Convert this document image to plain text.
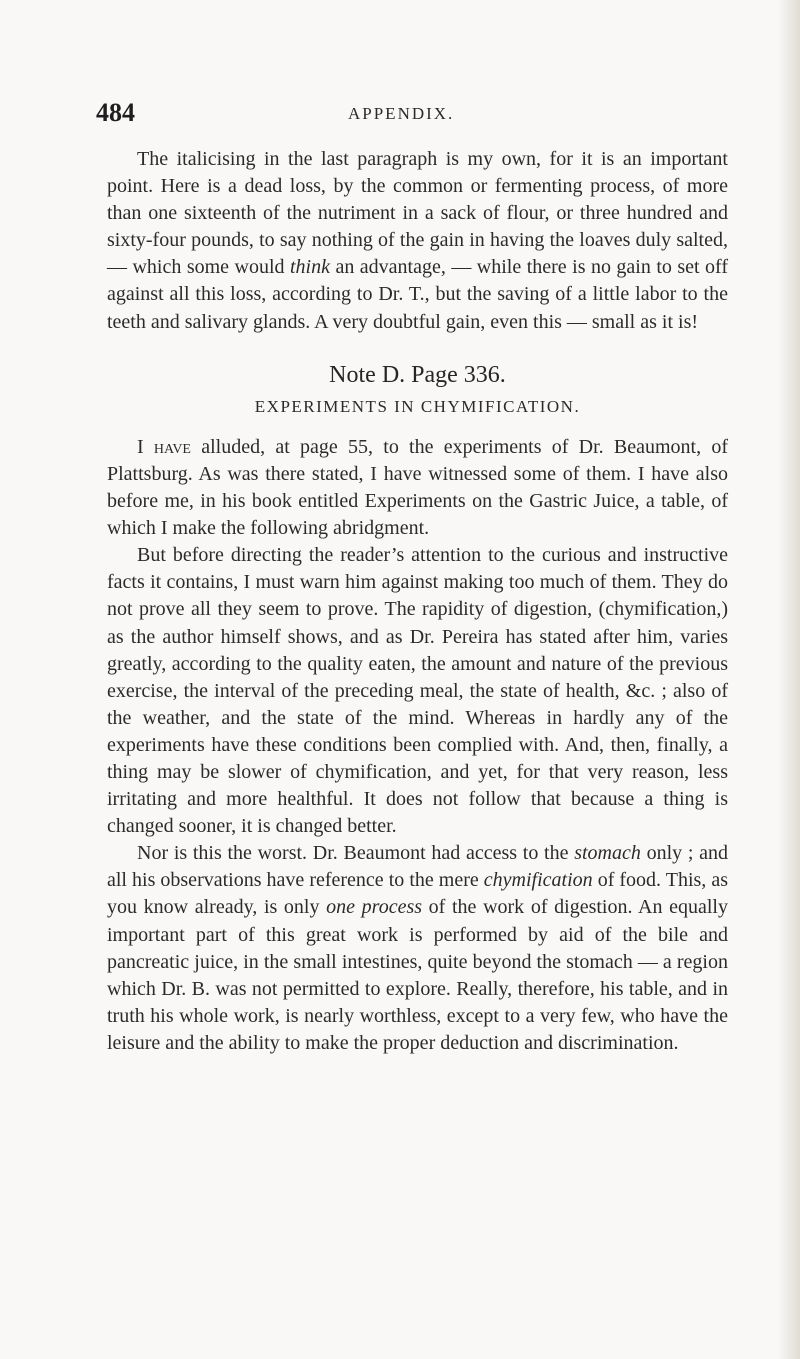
484	APPENDIX.

The italicising in the last paragraph is my own, for it is an important point. Here is a dead loss, by the common or fermenting process, of more than one sixteenth of the nutriment in a sack of flour, or three hundred and sixty-four pounds, to say nothing of the gain in having the loaves duly salted, — which some would think an advantage, — while there is no gain to set off against all this loss, according to Dr. T., but the saving of a little labor to the teeth and salivary glands. A very doubtful gain, even this — small as it is!

Note D. Page 336.
EXPERIMENTS IN CHYMIFICATION.

I have alluded, at page 55, to the experiments of Dr. Beaumont, of Plattsburg. As was there stated, I have witnessed some of them. I have also before me, in his book entitled Experiments on the Gastric Juice, a table, of which I make the following abridgment.

But before directing the reader’s attention to the curious and instructive facts it contains, I must warn him against making too much of them. They do not prove all they seem to prove. The rapidity of digestion, (chymification,) as the author himself shows, and as Dr. Pereira has stated after him, varies greatly, according to the quality eaten, the amount and nature of the previous exercise, the interval of the preceding meal, the state of health, &c. ; also of the weather, and the state of the mind. Whereas in hardly any of the experiments have these conditions been complied with. And, then, finally, a thing may be slower of chymification, and yet, for that very reason, less irritating and more healthful. It does not follow that because a thing is changed sooner, it is changed better.

Nor is this the worst. Dr. Beaumont had access to the stomach only ; and all his observations have reference to the mere chymification of food. This, as you know already, is only one process of the work of digestion. An equally important part of this great work is performed by aid of the bile and pancreatic juice, in the small intestines, quite beyond the stomach — a region which Dr. B. was not permitted to explore. Really, therefore, his table, and in truth his whole work, is nearly worthless, except to a very few, who have the leisure and the ability to make the proper deduction and discrimination.
